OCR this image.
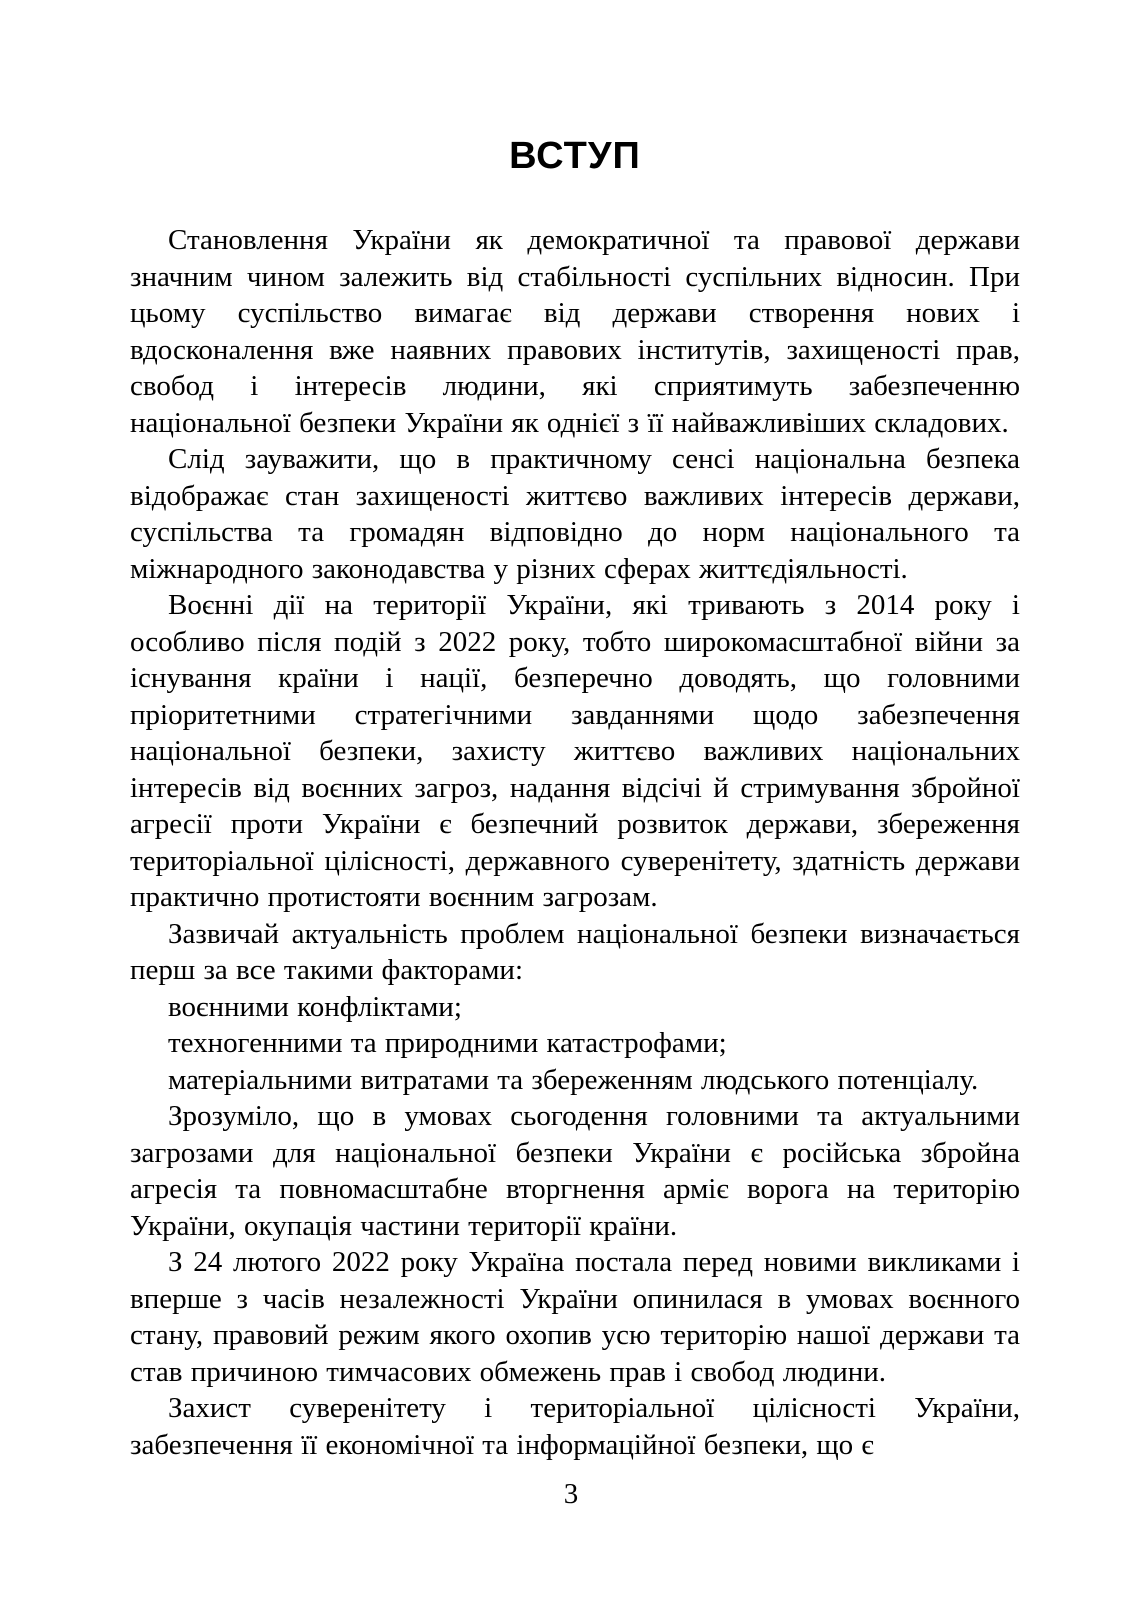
ВСТУП

Становлення України як демократичної та правової держави значним чином залежить від стабільності суспільних відносин. При цьому суспільство вимагає від держави створення нових і вдосконалення вже наявних правових інститутів, захищеності прав, свобод і інтересів людини, які сприятимуть забезпеченню національної безпеки України як однієї з її найважливіших складових.

Слід зауважити, що в практичному сенсі національна безпека відображає стан захищеності життєво важливих інтересів держави, суспільства та громадян відповідно до норм національного та міжнародного законодавства у різних сферах життєдіяльності.

Воєнні дії на території України, які тривають з 2014 року і особливо після подій з 2022 року, тобто широкомасштабної війни за існування країни і нації, безперечно доводять, що головними пріоритетними стратегічними завданнями щодо забезпечення національної безпеки, захисту життєво важливих національних інтересів від воєнних загроз, надання відсічі й стримування збройної агресії проти України є безпечний розвиток держави, збереження територіальної цілісності, державного суверенітету, здатність держави практично протистояти воєнним загрозам.

Зазвичай актуальність проблем національної безпеки визначається перш за все такими факторами:

воєнними конфліктами;

техногенними та природними катастрофами;

матеріальними витратами та збереженням людського потенціалу.

Зрозуміло, що в умовах сьогодення головними та актуальними загрозами для національної безпеки України є російська збройна агресія та повномасштабне вторгнення арміє ворога на територію України, окупація частини території країни.

З 24 лютого 2022 року Україна постала перед новими викликами і вперше з часів незалежності України опинилася в умовах воєнного стану, правовий режим якого охопив усю територію нашої держави та став причиною тимчасових обмежень прав і свобод людини.

Захист суверенітету і територіальної цілісності України, забезпечення її економічної та інформаційної безпеки, що є

3
